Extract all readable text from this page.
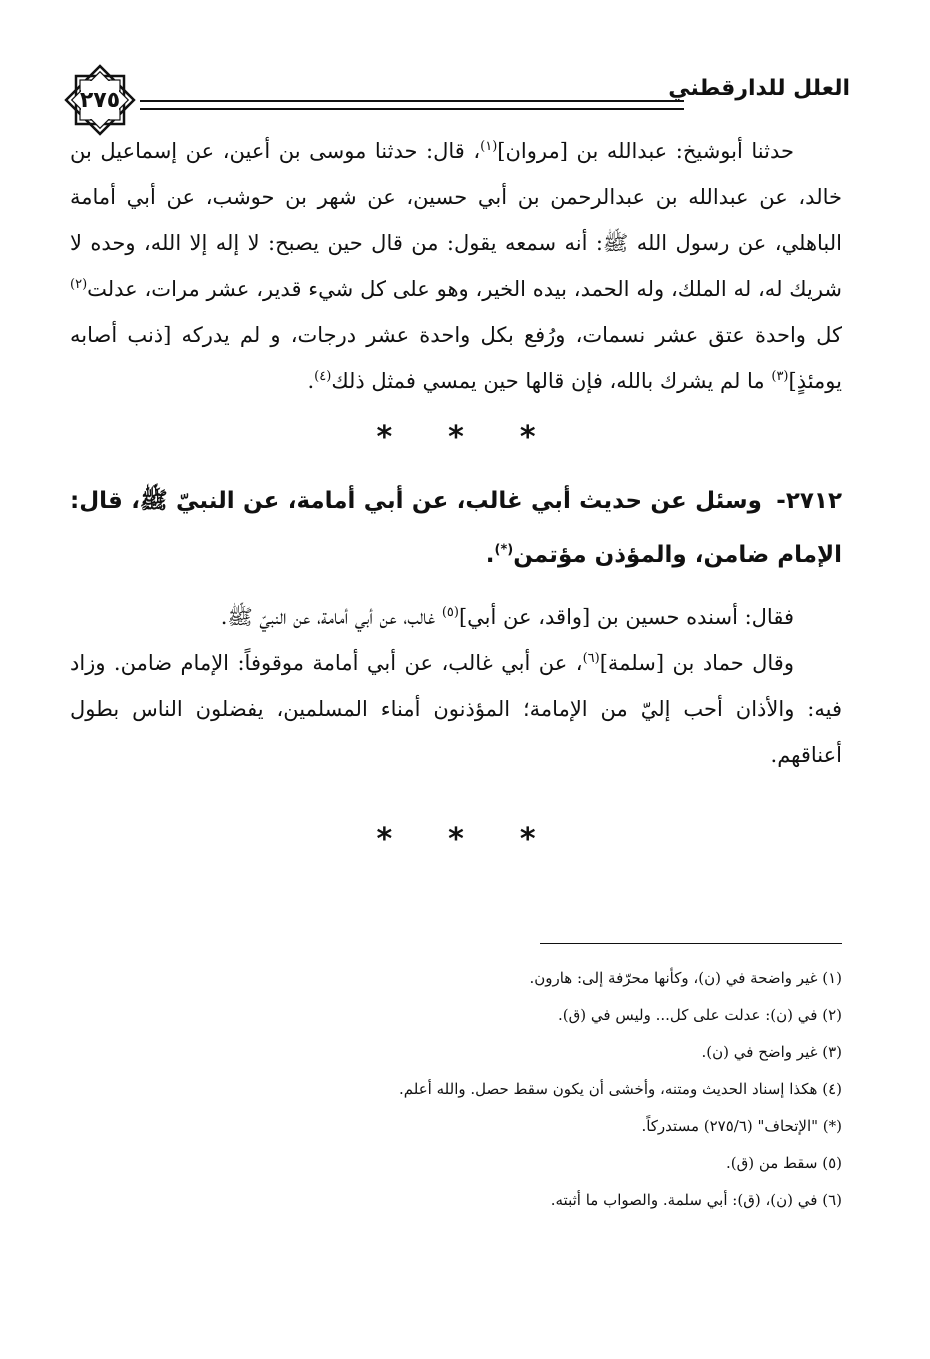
العلل للدارقطني
٢٧٥

حدثنا أبوشيخ: عبدالله بن [مروان]$^{(١)}$، قال: حدثنا موسى بن أعين، عن إسماعيل بن خالد، عن عبدالله بن عبدالرحمن بن أبي حسين، عن شهر بن حوشب، عن أبي أمامة الباهلي، عن رسول الله ﷺ: أنه سمعه يقول: من قال حين يصبح: لا إله إلا الله، وحده لا شريك له، له الملك، وله الحمد، بيده الخير، وهو على كل شيء قدير، عشر مرات، عدلت$^{(٢)}$ كل واحدة عتق عشر نسمات، ورُفع بكل واحدة عشر درجات، و لم يدركه [ذنب أصابه يومئذٍ]$^{(٣)}$ ما لم يشرك بالله، فإن قالها حين يمسي فمثل ذلك$^{(٤)}$.

* * *

٢٧١٢- وسئل عن حديث أبي غالب، عن أبي أمامة، عن النبيّ ﷺ، قال: الإمام ضامن، والمؤذن مؤتمن(*).

فقال: أسنده حسين بن [واقد، عن أبي]$^{(٥)}$ غالب، عن أبي أمامة، عن النبيّ ﷺ.

وقال حماد بن [سلمة]$^{(٦)}$، عن أبي غالب، عن أبي أمامة موقوفاً: الإمام ضامن. وزاد فيه: والأذان أحب إليّ من الإمامة؛ المؤذنون أمناء المسلمين، يفضلون الناس بطول أعناقهم.

* * *

(١) غير واضحة في (ن)، وكأنها محرّفة إلى: هارون.

(٢) في (ن): عدلت على كل... وليس في (ق).

(٣) غير واضح في (ن).

(٤) هكذا إسناد الحديث ومتنه، وأخشى أن يكون سقط حصل. والله أعلم.

(*) "الإتحاف" (٢٧٥/٦) مستدركاً.

(٥) سقط من (ق).

(٦) في (ن)، (ق): أبي سلمة. والصواب ما أثبته.
